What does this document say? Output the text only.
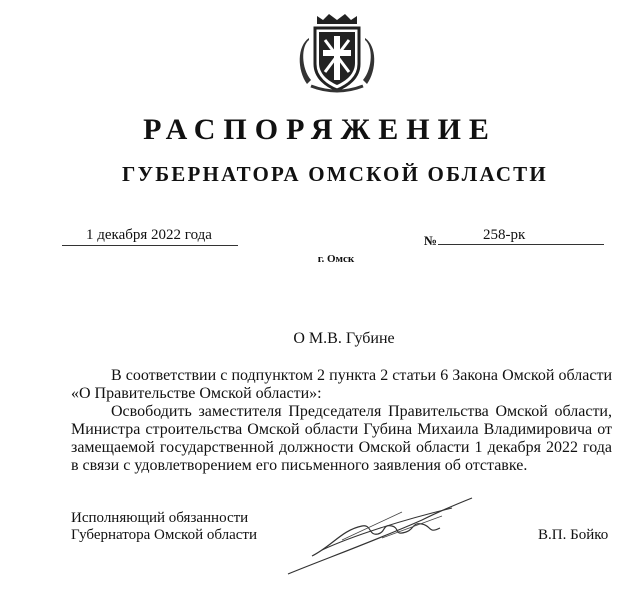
РАСПОРЯЖЕНИЕ
ГУБЕРНАТОРА ОМСКОЙ ОБЛАСТИ
1 декабря 2022 года	№	258-рк
г. Омск
О М.В. Губине
В соответствии с подпунктом 2 пункта 2 статьи 6 Закона Омской области «О Правительстве Омской области»:
Освободить заместителя Председателя Правительства Омской области, Министра строительства Омской области Губина Михаила Владимировича от замещаемой государственной должности Омской области 1 декабря 2022 года в связи с удовлетворением его письменного заявления об отставке.
Исполняющий обязанности
Губернатора Омской области	В.П. Бойко
